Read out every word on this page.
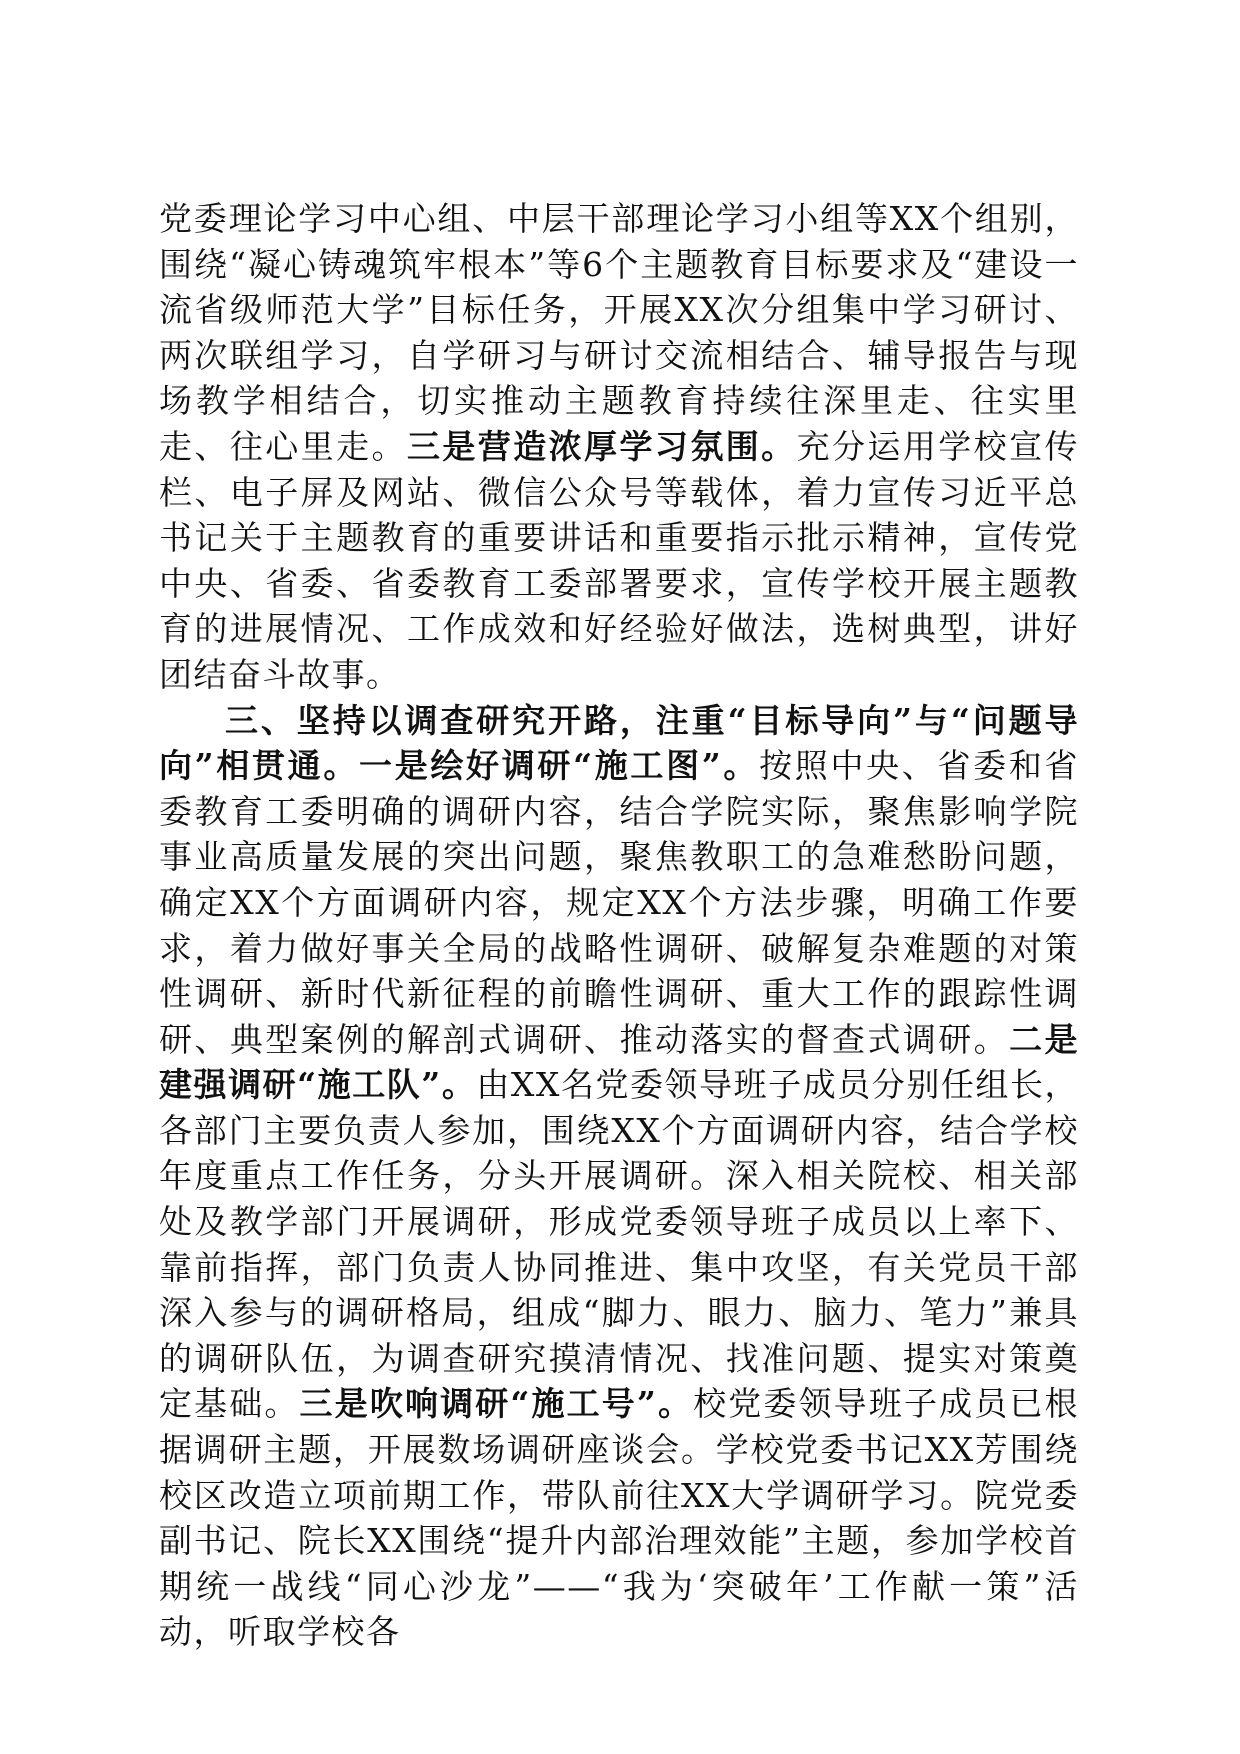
党委理论学习中心组、中层干部理论学习小组等XX个组别，围绕“凝心铸魂筑牢根本”等6个主题教育目标要求及“建设一流省级师范大学”目标任务，开展XX次分组集中学习研讨、两次联组学习，自学研习与研讨交流相结合、辅导报告与现场教学相结合，切实推动主题教育持续往深里走、往实里走、往心里走。三是营造浓厚学习氛围。充分运用学校宣传栏、电子屏及网站、微信公众号等载体，着力宣传习近平总书记关于主题教育的重要讲话和重要指示批示精神，宣传党中央、省委、省委教育工委部署要求，宣传学校开展主题教育的进展情况、工作成效和好经验好做法，选树典型，讲好团结奋斗故事。

三、坚持以调查研究开路，注重“目标导向”与“问题导向”相贯通。一是绘好调研“施工图”。按照中央、省委和省委教育工委明确的调研内容，结合学院实际，聚焦影响学院事业高质量发展的突出问题，聚焦教职工的急难愁盼问题，确定XX个方面调研内容，规定XX个方法步骤，明确工作要求，着力做好事关全局的战略性调研、破解复杂难题的对策性调研、新时代新征程的前瞻性调研、重大工作的跟踪性调研、典型案例的解剖式调研、推动落实的督查式调研。二是建强调研“施工队”。由XX名党委领导班子成员分别任组长，各部门主要负责人参加，围绕XX个方面调研内容，结合学校年度重点工作任务，分头开展调研。深入相关院校、相关部处及教学部门开展调研，形成党委领导班子成员以上率下、靠前指挥，部门负责人协同推进、集中攻坚，有关党员干部深入参与的调研格局，组成“脚力、眼力、脑力、笔力”兼具的调研队伍，为调查研究摸清情况、找准问题、提实对策奠定基础。三是吹响调研“施工号”。校党委领导班子成员已根据调研主题，开展数场调研座谈会。学校党委书记XX芳围绕校区改造立项前期工作，带队前往XX大学调研学习。院党委副书记、院长XX围绕“提升内部治理效能”主题，参加学校首期统一战线“同心沙龙”——“我为‘突破年’工作献一策”活动，听取学校各
